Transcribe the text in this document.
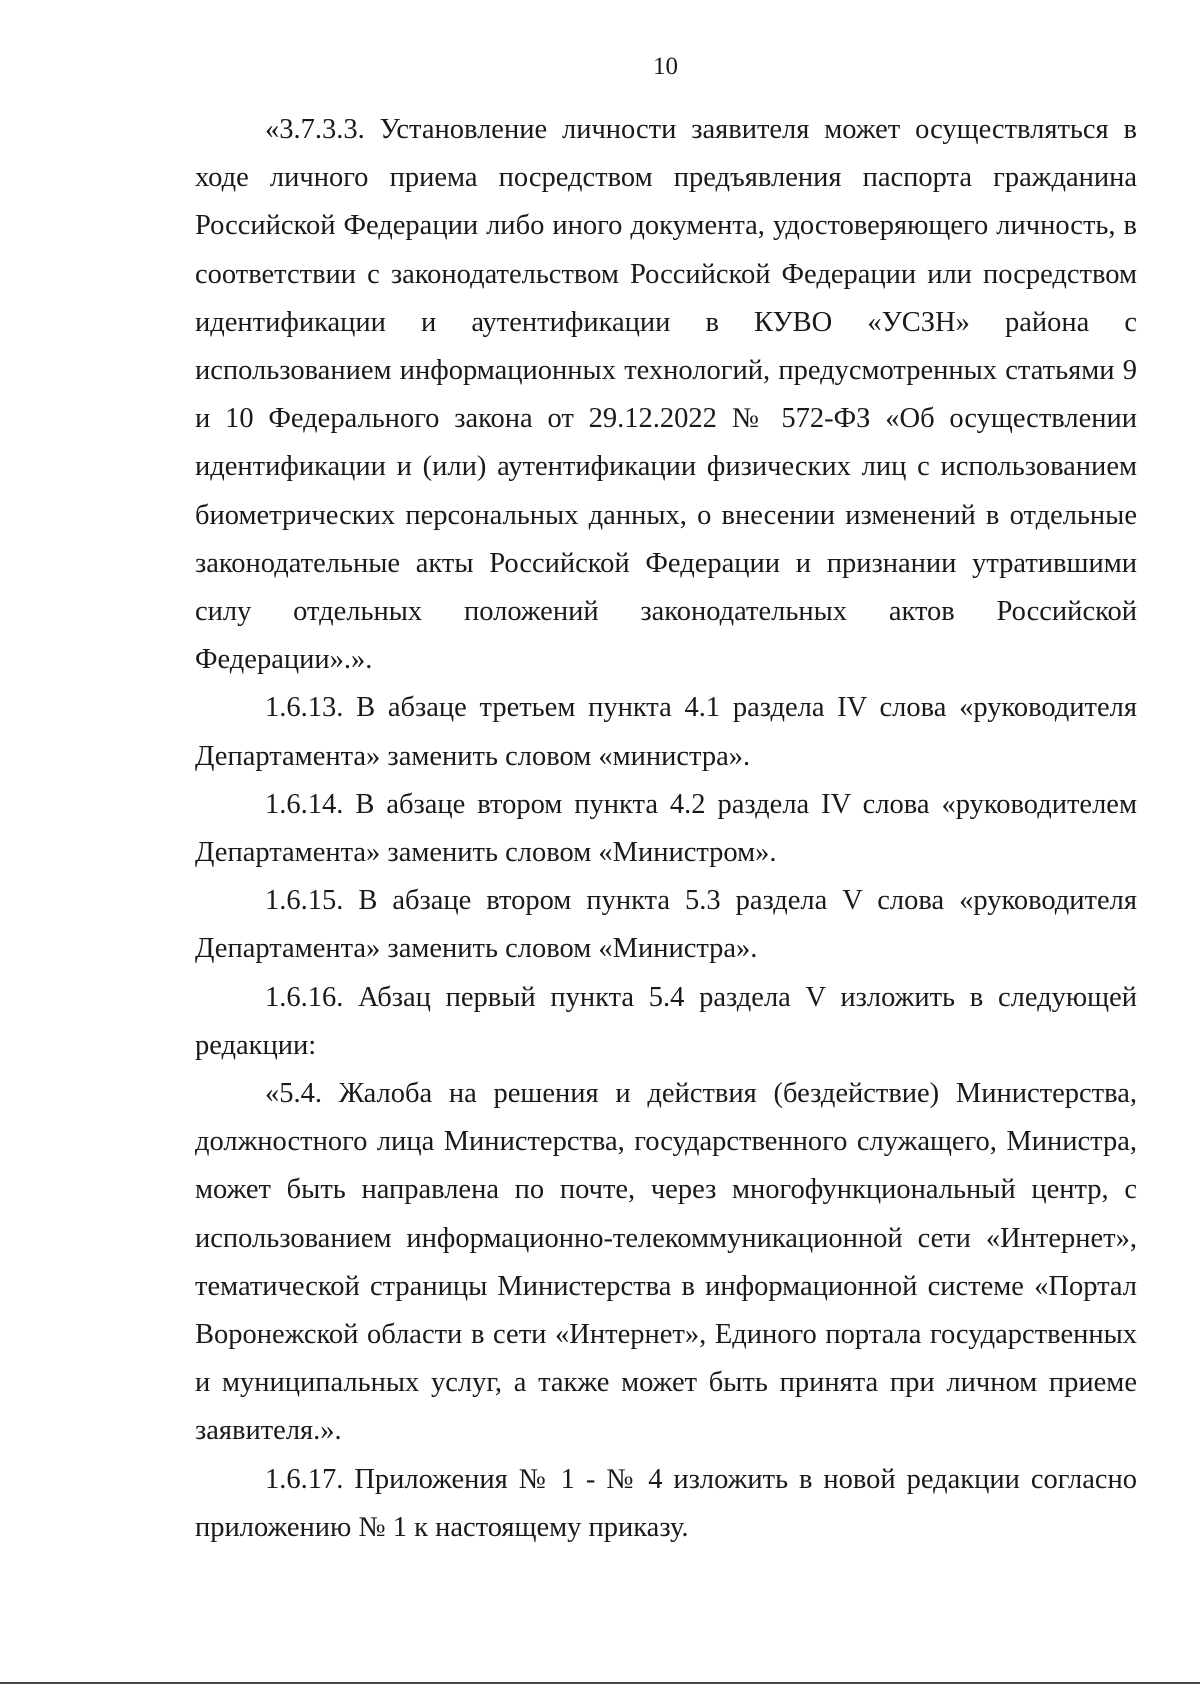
10

«3.7.3.3. Установление личности заявителя может осуществляться в ходе личного приема посредством предъявления паспорта гражданина Российской Федерации либо иного документа, удостоверяющего личность, в соответствии с законодательством Российской Федерации или посредством идентификации и аутентификации в КУВО «УСЗН» района с использованием информационных технологий, предусмотренных статьями 9 и 10 Федерального закона от 29.12.2022 № 572-ФЗ «Об осуществлении идентификации и (или) аутентификации физических лиц с использованием биометрических персональных данных, о внесении изменений в отдельные законодательные акты Российской Федерации и признании утратившими силу отдельных положений законодательных актов Российской Федерации».».

1.6.13. В абзаце третьем пункта 4.1 раздела IV слова «руководителя Департамента» заменить словом «министра».

1.6.14. В абзаце втором пункта 4.2 раздела IV слова «руководителем Департамента» заменить словом «Министром».

1.6.15. В абзаце втором пункта 5.3 раздела V слова «руководителя Департамента» заменить словом «Министра».

1.6.16. Абзац первый пункта 5.4 раздела V изложить в следующей редакции:

«5.4. Жалоба на решения и действия (бездействие) Министерства, должностного лица Министерства, государственного служащего, Министра, может быть направлена по почте, через многофункциональный центр, с использованием информационно-телекоммуникационной сети «Интернет», тематической страницы Министерства в информационной системе «Портал Воронежской области в сети «Интернет», Единого портала государственных и муниципальных услуг, а также может быть принята при личном приеме заявителя.».

1.6.17. Приложения № 1 - № 4 изложить в новой редакции согласно приложению № 1 к настоящему приказу.
